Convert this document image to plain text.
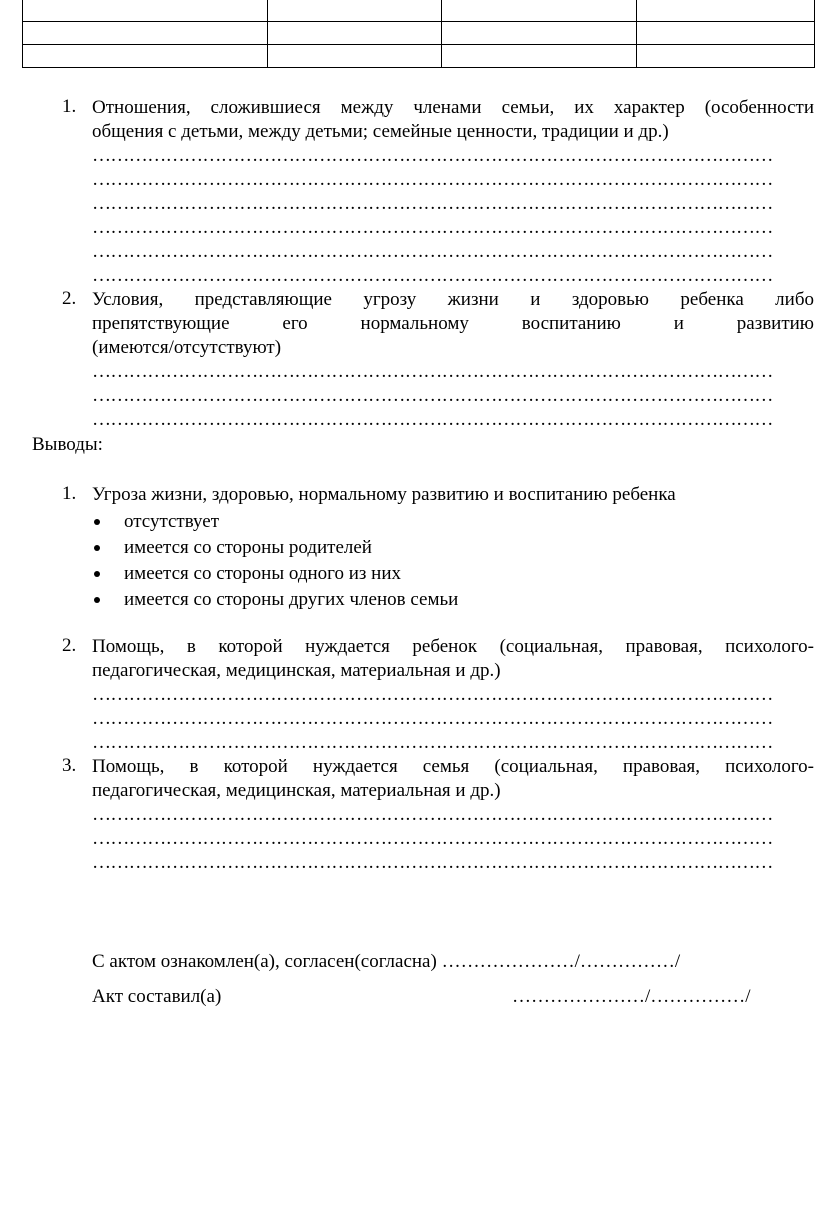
1. Отношения, сложившиеся между членами семьи, их характер (особенности
общения с детьми, между детьми; семейные ценности, традиции и др.)
…………………………………………………………………………………………………
…………………………………………………………………………………………………
…………………………………………………………………………………………………
…………………………………………………………………………………………………
…………………………………………………………………………………………………
…………………………………………………………………………………………………
2. Условия, представляющие угрозу жизни и здоровью ребенка либо
препятствующие его нормальному воспитанию и развитию
(имеются/отсутствуют)
…………………………………………………………………………………………………
…………………………………………………………………………………………………
…………………………………………………………………………………………………
Выводы:
1. Угроза жизни, здоровью, нормальному развитию и воспитанию ребенка
отсутствует
имеется со стороны родителей
имеется со стороны одного из них
имеется со стороны других членов семьи
2. Помощь, в которой нуждается ребенок (социальная, правовая, психолого-
педагогическая, медицинская, материальная и др.)
…………………………………………………………………………………………………
…………………………………………………………………………………………………
…………………………………………………………………………………………………
3. Помощь, в которой нуждается семья (социальная, правовая, психолого-
педагогическая, медицинская, материальная и др.)
…………………………………………………………………………………………………
…………………………………………………………………………………………………
…………………………………………………………………………………………………
С актом ознакомлен(а), согласен(согласна) …………………/……………/
Акт составил(а)	…………………/……………/
